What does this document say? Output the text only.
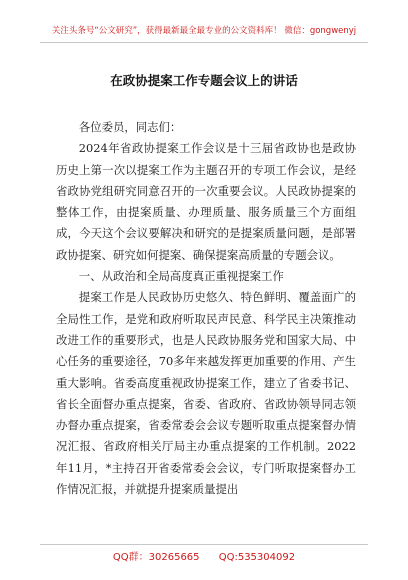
关注头条号“公文研究”，获得最新最全最专业的公文资料库！ 微信：gongwenyj
在政协提案工作专题会议上的讲话

各位委员，同志们：

2024年省政协提案工作会议是十三届省政协也是政协历史上第一次以提案工作为主题召开的专项工作会议，是经省政协党组研究同意召开的一次重要会议。人民政协提案的整体工作，由提案质量、办理质量、服务质量三个方面组成，今天这个会议要解决和研究的是提案质量问题，是部署政协提案、研究如何提案、确保提案高质量的专题会议。

一、从政治和全局高度真正重视提案工作

提案工作是人民政协历史悠久、特色鲜明、覆盖面广的全局性工作，是党和政府听取民声民意、科学民主决策推动改进工作的重要形式，也是人民政协服务党和国家大局、中心任务的重要途径，70多年来越发挥更加重要的作用、产生重大影响。省委高度重视政协提案工作，建立了省委书记、省长全面督办重点提案，省委、省政府、省政协领导同志领办督办重点提案，省委常委会会议专题听取重点提案督办情况汇报、省政府相关厅局主办重点提案的工作机制。2022年11月，*主持召开省委常委会会议，专门听取提案督办工作情况汇报，并就提升提案质量提出

QQ群：30265665 QQ:535304092
